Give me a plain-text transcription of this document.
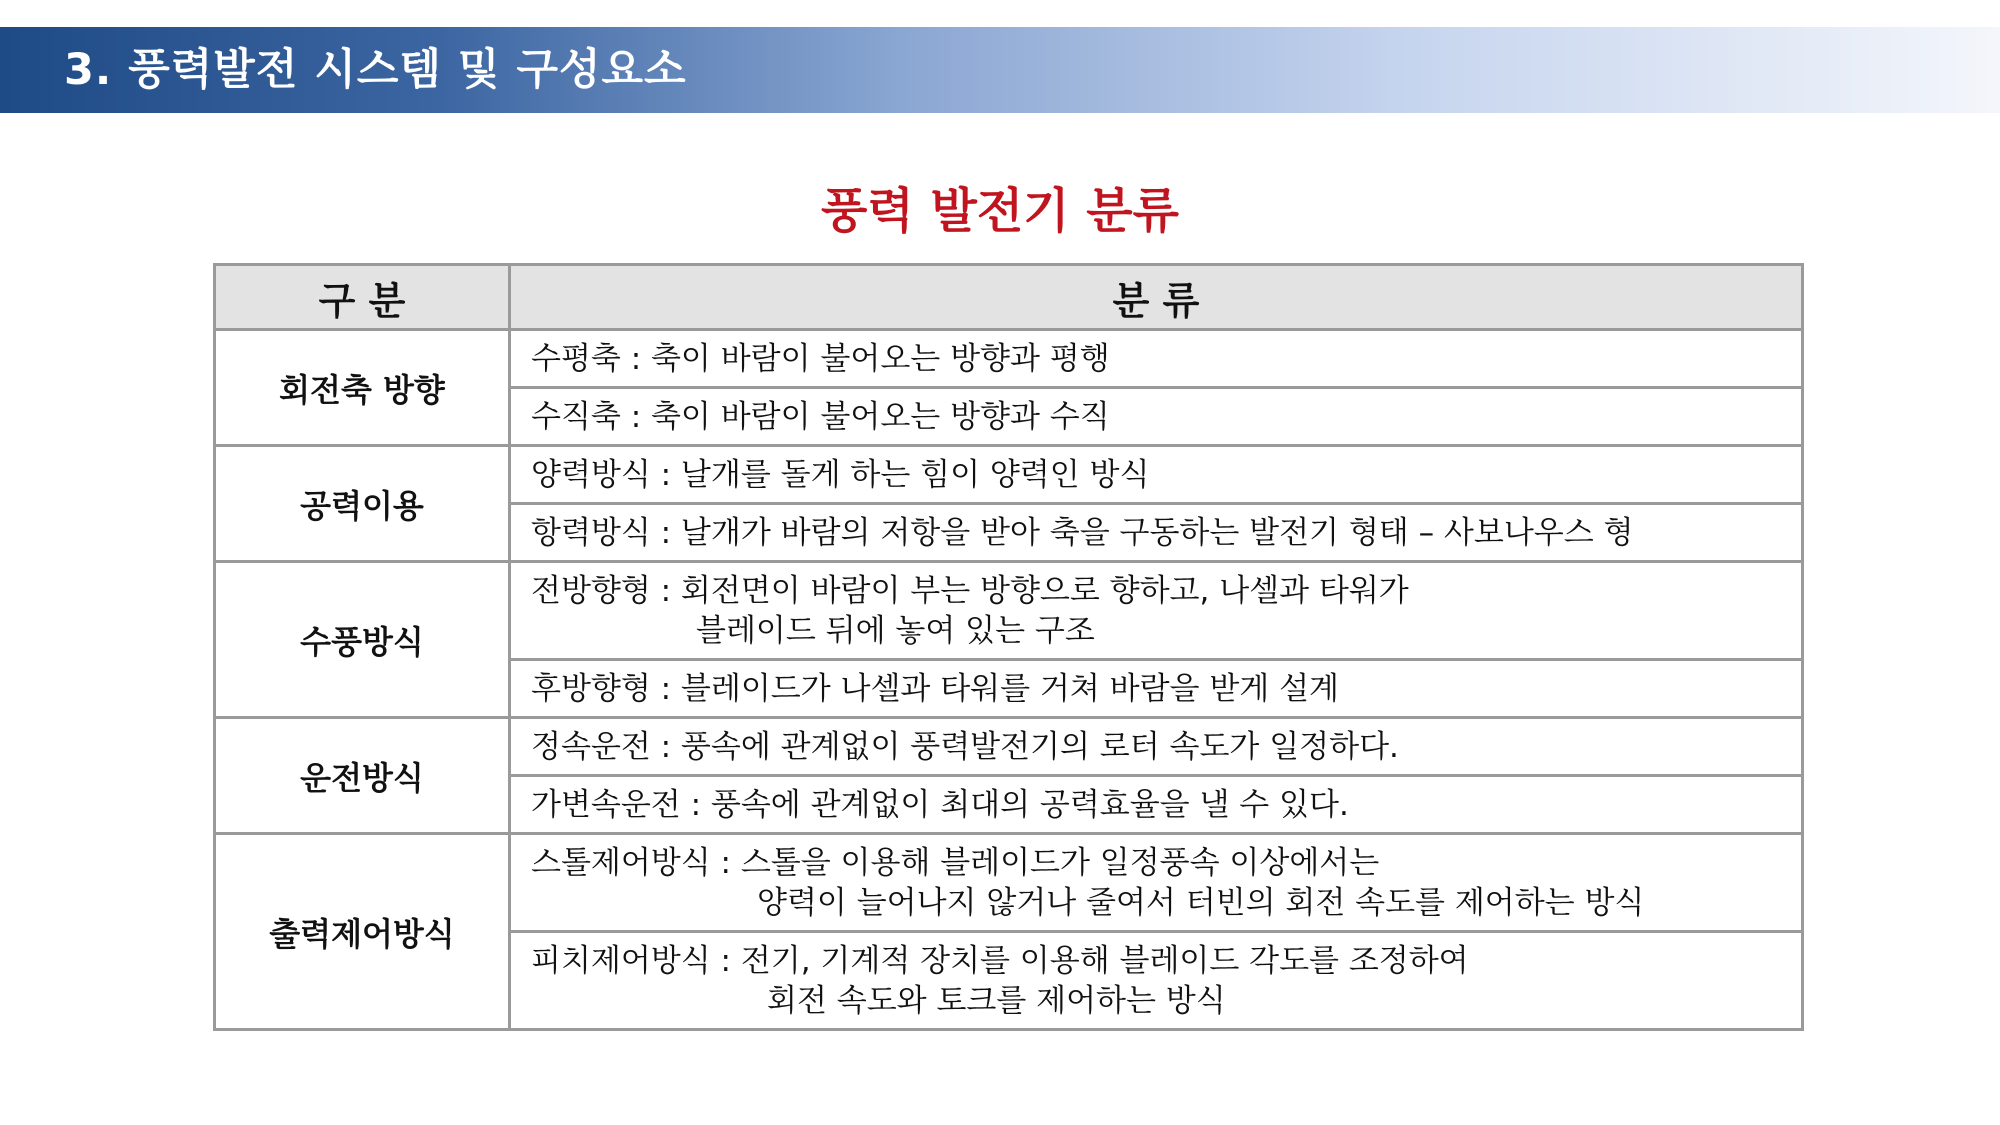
3. 풍력발전 시스템 및 구성요소
풍력 발전기 분류
구 분	분 류
회전축 방향	수평축 : 축이 바람이 불어오는 방향과 평행

	수직축 : 축이 바람이 불어오는 방향과 수직

공력이용	양력방식 : 날개를 돌게 하는 힘이 양력인 방식

	항력방식 : 날개가 바람의 저항을 받아 축을 구동하는 발전기 형태 – 사보나우스 형

수풍방식	전방향형 : 회전면이 바람이 부는 방향으로 향하고, 나셀과 타워가
블레이드 뒤에 놓여 있는 구조

	후방향형 : 블레이드가 나셀과 타워를 거쳐 바람을 받게 설계

운전방식	정속운전 : 풍속에 관계없이 풍력발전기의 로터 속도가 일정하다.

	가변속운전 : 풍속에 관계없이 최대의 공력효율을 낼 수 있다.

출력제어방식	스톨제어방식 : 스톨을 이용해 블레이드가 일정풍속 이상에서는
양력이 늘어나지 않거나 줄여서 터빈의 회전 속도를 제어하는 방식

	피치제어방식 : 전기, 기계적 장치를 이용해 블레이드 각도를 조정하여
회전 속도와 토크를 제어하는 방식
